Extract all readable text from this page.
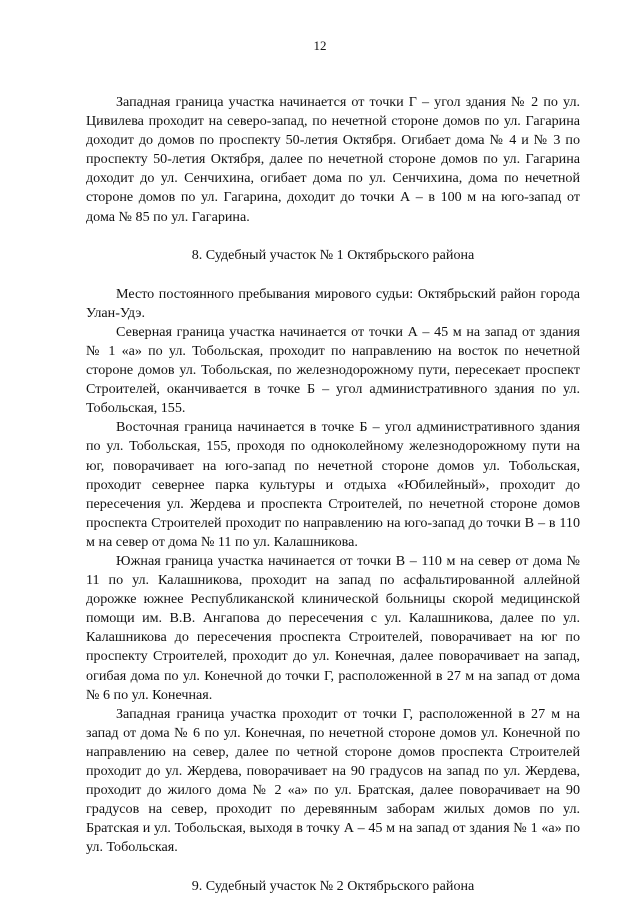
12

Западная граница участка начинается от точки Г – угол здания № 2 по ул. Цивилева проходит на северо-запад, по нечетной стороне домов по ул. Гагарина доходит до домов по проспекту 50-летия Октября. Огибает дома № 4 и № 3 по проспекту 50-летия Октября, далее по нечетной стороне домов по ул. Гагарина доходит до ул. Сенчихина, огибает дома по ул. Сенчихина, дома по нечетной стороне домов по ул. Гагарина, доходит до точки А – в 100 м на юго-запад от дома № 85 по ул. Гагарина.

8. Судебный участок № 1 Октябрьского района

Место постоянного пребывания мирового судьи: Октябрьский район города Улан-Удэ.

Северная граница участка начинается от точки А – 45 м на запад от здания № 1 «а» по ул. Тобольская, проходит по направлению на восток по нечетной стороне домов ул. Тобольская, по железнодорожному пути, пересекает проспект Строителей, оканчивается в точке Б – угол административного здания по ул. Тобольская, 155.

Восточная граница начинается в точке Б – угол административного здания по ул. Тобольская, 155, проходя по одноколейному железнодорожному пути на юг, поворачивает на юго-запад по нечетной стороне домов ул. Тобольская, проходит севернее парка культуры и отдыха «Юбилейный», проходит до пересечения ул. Жердева и проспекта Строителей, по нечетной стороне домов проспекта Строителей проходит по направлению на юго-запад до точки В – в 110 м на север от дома № 11 по ул. Калашникова.

Южная граница участка начинается от точки В – 110 м на север от дома № 11 по ул. Калашникова, проходит на запад по асфальтированной аллейной дорожке южнее Республиканской клинической больницы скорой медицинской помощи им. В.В. Ангапова до пересечения с ул. Калашникова, далее по ул. Калашникова до пересечения проспекта Строителей, поворачивает на юг по проспекту Строителей, проходит до ул. Конечная, далее поворачивает на запад, огибая дома по ул. Конечной до точки Г, расположенной в 27 м на запад от дома № 6 по ул. Конечная.

Западная граница участка проходит от точки Г, расположенной в 27 м на запад от дома № 6 по ул. Конечная, по нечетной стороне домов ул. Конечной по направлению на север, далее по четной стороне домов проспекта Строителей проходит до ул. Жердева, поворачивает на 90 градусов на запад по ул. Жердева, проходит до жилого дома № 2 «а» по ул. Братская, далее поворачивает на 90 градусов на север, проходит по деревянным заборам жилых домов по ул. Братская и ул. Тобольская, выходя в точку А – 45 м на запад от здания № 1 «а» по ул. Тобольская.

9. Судебный участок № 2 Октябрьского района
